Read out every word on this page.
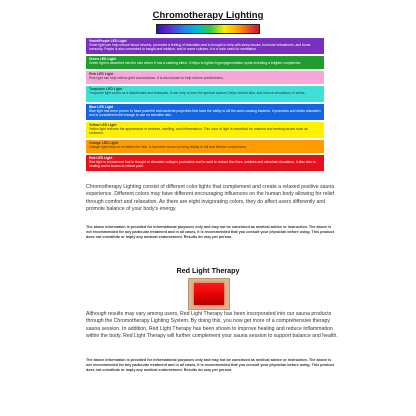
Chromotherapy Lighting
Violet/Purple LED Light
Violet light can help reduce blood vessels, promotes a feeling of relaxation and is thought to help with sleep issues, hormone imbalances, and boost immunity. Purple is also connected to insight and intuition, and in some cultures, it is a color used for meditation.
Green LED Light
Green light is absorbed into the skin where it has a calming effect. It helps to lighten hyperpigmentation spots revealing a brighter complexion.
Pink LED Light
Pink light can help relieve grief and sadness. It is also known to help restore youthfulness.
Turquoise LED Light
Turquoise light works as a disinfectant and antiseptic. It can help to tone the general system, helps rebuild skin, and reduce sensations of stress.
Blue LED Light
Blue light has been proven to have powerful anti-bacterial properties that have the ability to kill the acne-causing bacteria. It promotes and elicits relaxation and is considered mild enough to use on sensitive skin.
Yellow LED Light
Yellow light reduces the appearance of redness, swelling, and inflammation. This color of light is beneficial for rosacea and treating issues such as sunburns.
Orange LED Light
Orange light helps to revitalize the skin. It has been shown to bring vitality to full and lifeless complexions.
Red LED Light
Red light is a treatment that is thought to stimulate collagen production and is used to reduce fine lines, wrinkles and stimulate circulation. It also aids in healing and is known to relieve pain.
Chromotherapy Lighting consist of different color lights that complement and create a relaxed positive sauna experience. Different colors may have different encouraging influences on the human body allowing for relief through comfort and relaxation. As there are eight invigorating colors, they do affect users differently and promote balance of your body's energy.
The above information is provided for informational purposes only and may not be construed as medical advice or instruction. The above is not recommended for any particular treatment and in all cases, it is recommended that you consult your physician before using. This product does not constitute or imply any medical endorsement. Results do vary per person.
Red Light Therapy
Although results may vary among users, Red Light Therapy has been incorporated into our sauna products through the Chromotherapy Lighting System. By doing this, you now get more of a comprehensive therapy sauna session. In addition, Red Light Therapy has been shown to improve healing and reduce inflammation within the body. Red Light Therapy will further complement your sauna session to support balance and health.
The above information is provided for informational purposes only and may not be construed as medical advice or instruction. The above is not recommended for any particular treatment and in all cases, it is recommended that you consult your physician before using. This product does not constitute or imply any medical endorsement. Results do vary per person.
